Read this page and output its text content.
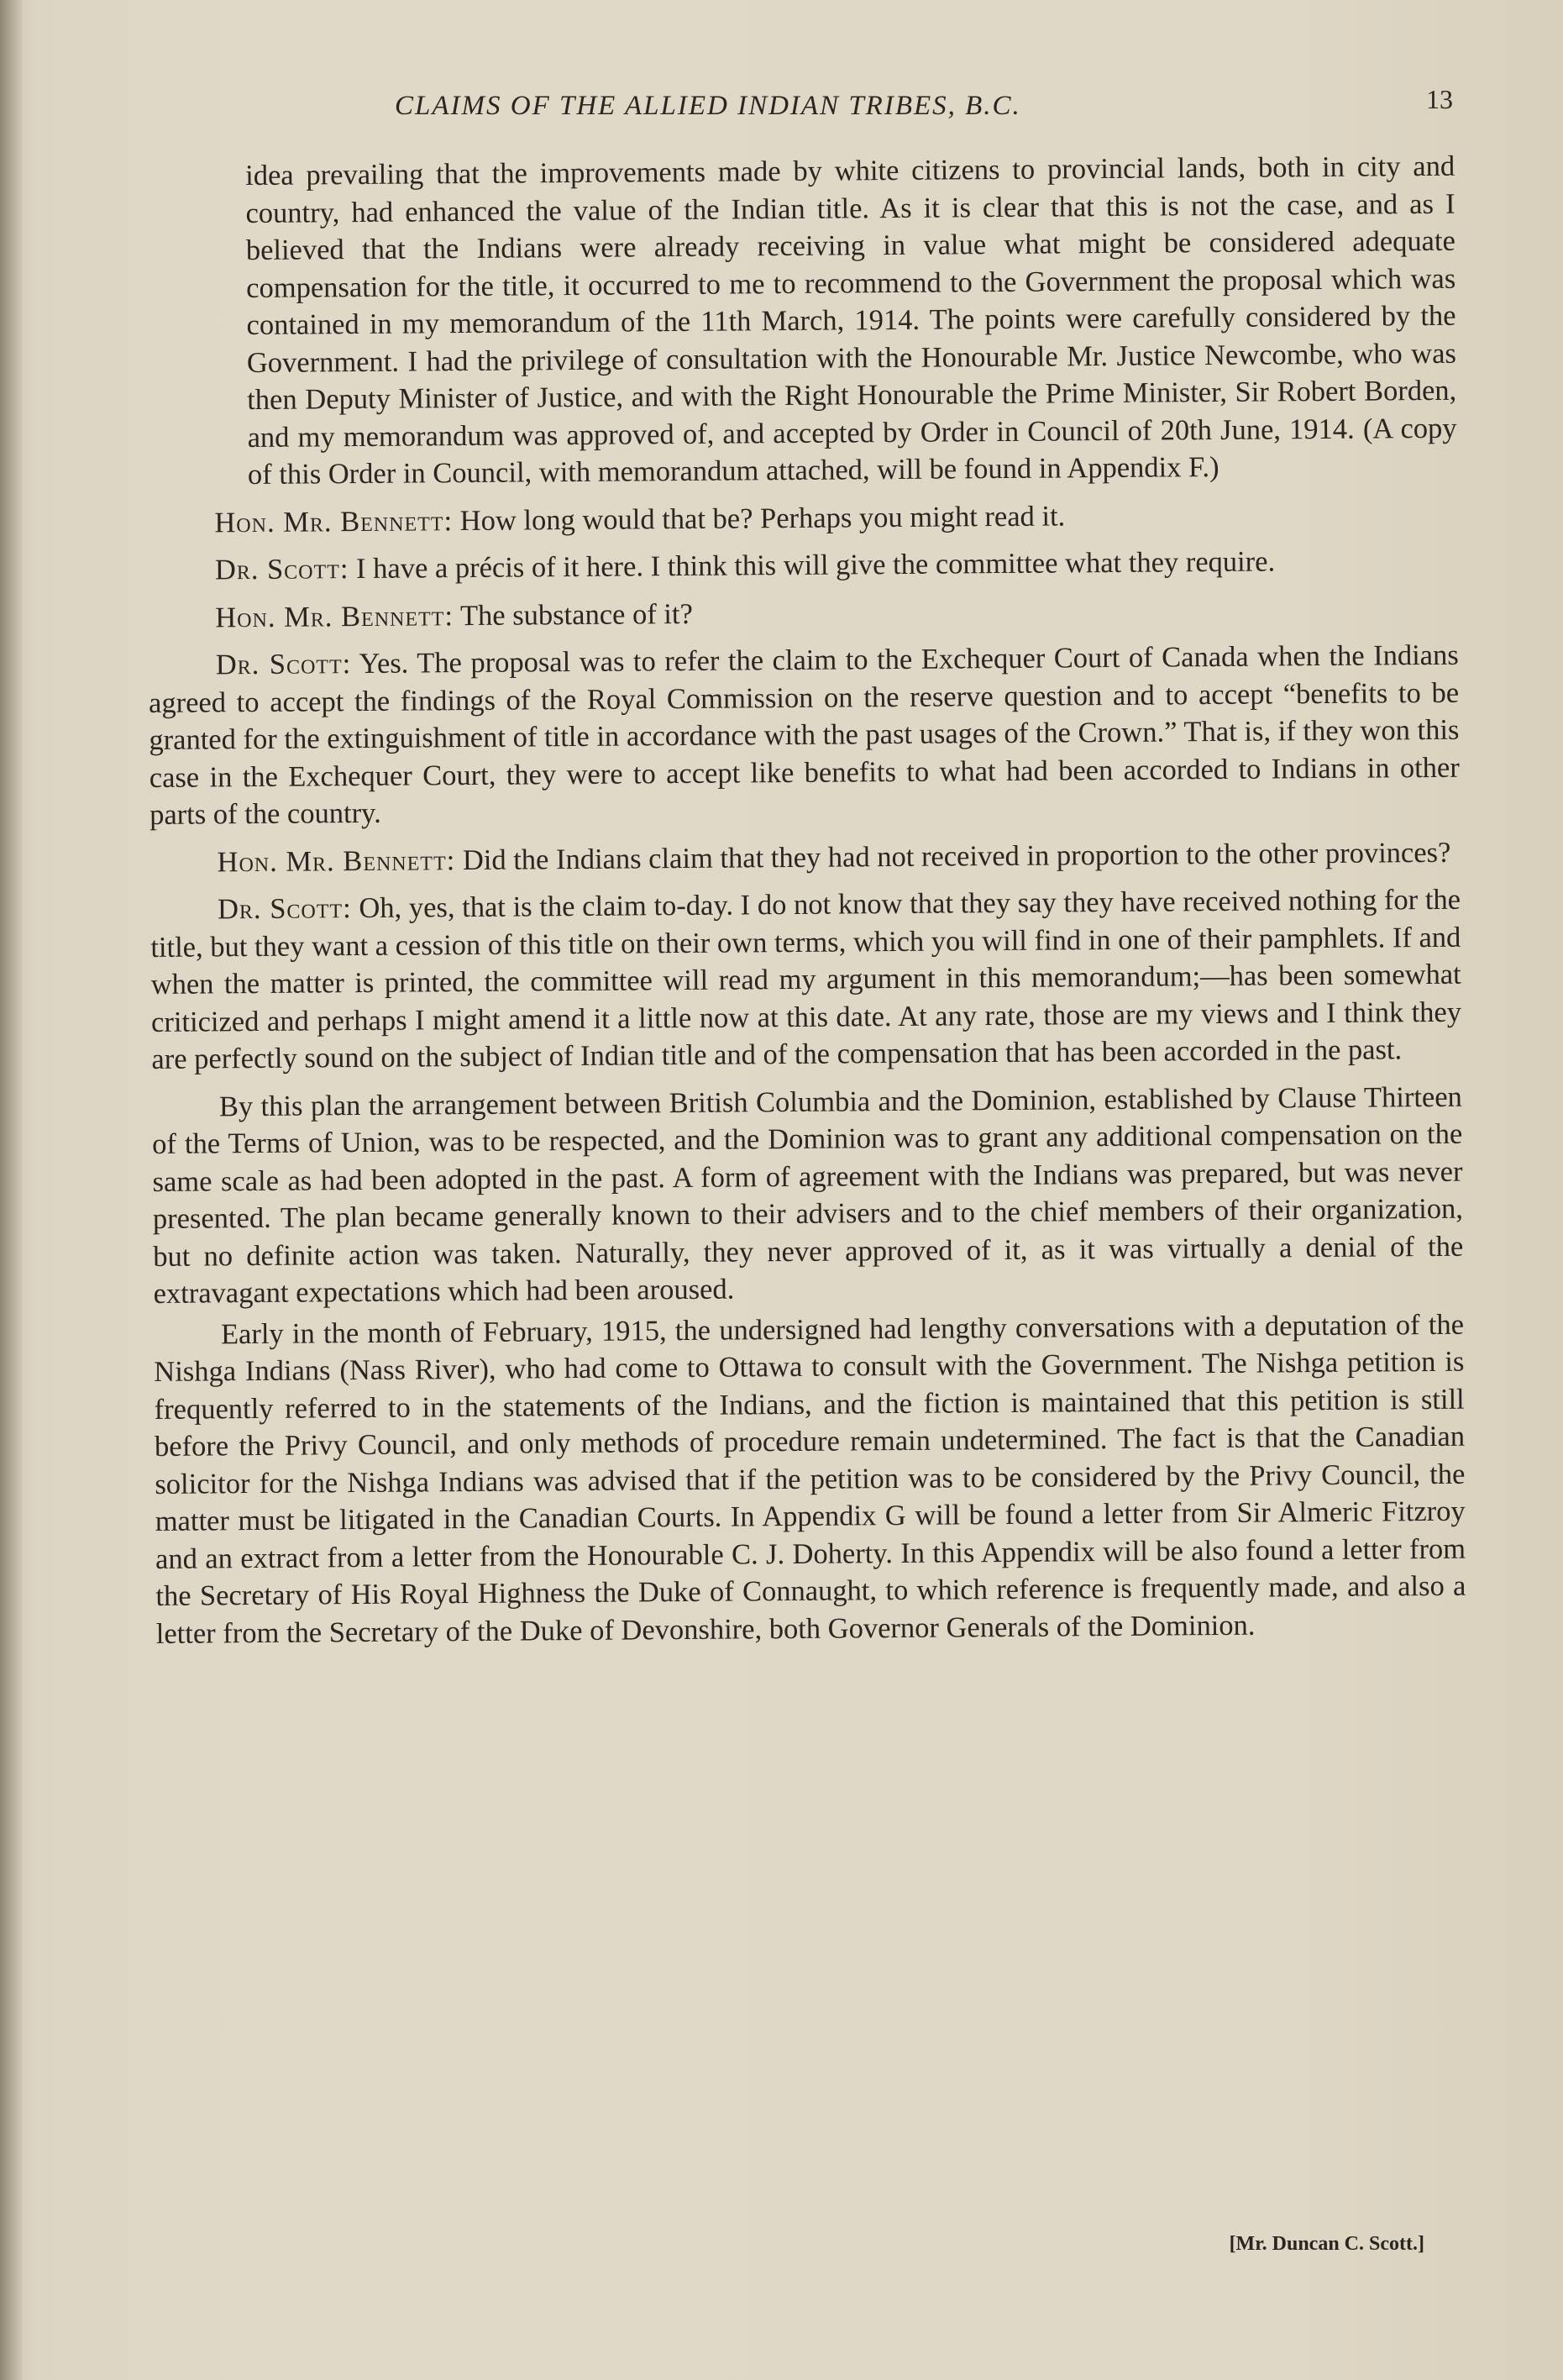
CLAIMS OF THE ALLIED INDIAN TRIBES, B.C.	13

idea prevailing that the improvements made by white citizens to provincial lands, both in city and country, had enhanced the value of the Indian title. As it is clear that this is not the case, and as I believed that the Indians were already receiving in value what might be considered adequate compensation for the title, it occurred to me to recommend to the Government the proposal which was contained in my memorandum of the 11th March, 1914. The points were carefully considered by the Government. I had the privilege of consultation with the Honourable Mr. Justice Newcombe, who was then Deputy Minister of Justice, and with the Right Honourable the Prime Minister, Sir Robert Borden, and my memorandum was approved of, and accepted by Order in Council of 20th June, 1914. (A copy of this Order in Council, with memorandum attached, will be found in Appendix F.)

Hon. Mr. Bennett: How long would that be? Perhaps you might read it.

Dr. Scott: I have a précis of it here. I think this will give the committee what they require.

Hon. Mr. Bennett: The substance of it?

Dr. Scott: Yes. The proposal was to refer the claim to the Exchequer Court of Canada when the Indians agreed to accept the findings of the Royal Commission on the reserve question and to accept “benefits to be granted for the extinguishment of title in accordance with the past usages of the Crown.” That is, if they won this case in the Exchequer Court, they were to accept like benefits to what had been accorded to Indians in other parts of the country.

Hon. Mr. Bennett: Did the Indians claim that they had not received in proportion to the other provinces?

Dr. Scott: Oh, yes, that is the claim to-day. I do not know that they say they have received nothing for the title, but they want a cession of this title on their own terms, which you will find in one of their pamphlets. If and when the matter is printed, the committee will read my argument in this memorandum;—has been somewhat criticized and perhaps I might amend it a little now at this date. At any rate, those are my views and I think they are perfectly sound on the subject of Indian title and of the compensation that has been accorded in the past.

By this plan the arrangement between British Columbia and the Dominion, established by Clause Thirteen of the Terms of Union, was to be respected, and the Dominion was to grant any additional compensation on the same scale as had been adopted in the past. A form of agreement with the Indians was prepared, but was never presented. The plan became generally known to their advisers and to the chief members of their organization, but no definite action was taken. Naturally, they never approved of it, as it was virtually a denial of the extravagant expectations which had been aroused.

Early in the month of February, 1915, the undersigned had lengthy conversations with a deputation of the Nishga Indians (Nass River), who had come to Ottawa to consult with the Government. The Nishga petition is frequently referred to in the statements of the Indians, and the fiction is maintained that this petition is still before the Privy Council, and only methods of procedure remain undetermined. The fact is that the Canadian solicitor for the Nishga Indians was advised that if the petition was to be considered by the Privy Council, the matter must be litigated in the Canadian Courts. In Appendix G will be found a letter from Sir Almeric Fitzroy and an extract from a letter from the Honourable C. J. Doherty. In this Appendix will be also found a letter from the Secretary of His Royal Highness the Duke of Connaught, to which reference is frequently made, and also a letter from the Secretary of the Duke of Devonshire, both Governor Generals of the Dominion.

[Mr. Duncan C. Scott.]
